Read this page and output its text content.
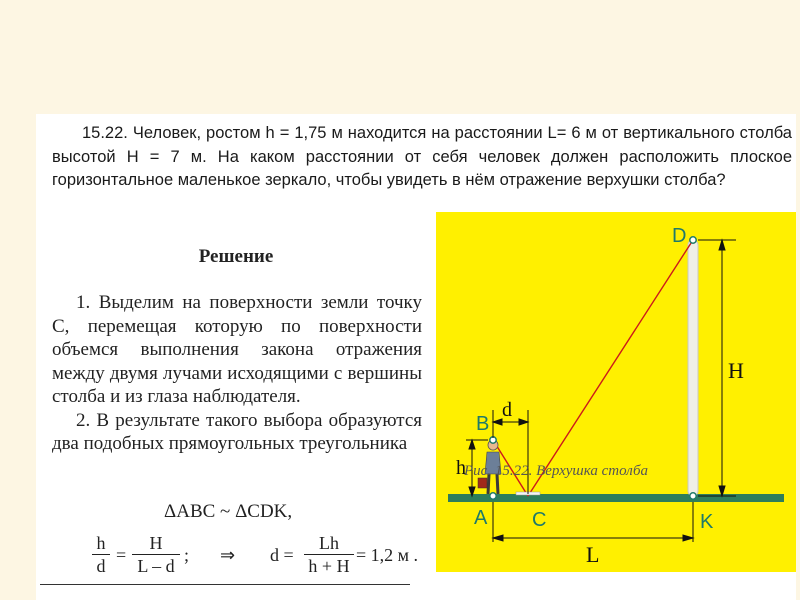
15.22. Человек, ростом h = 1,75 м находится на расстоянии L= 6 м от вертикального столба высотой H = 7 м. На каком расстоянии от себя человек должен расположить плоское горизонтальное маленькое зеркало, чтобы увидеть в нём отражение верхушки столба?
Решение

1. Выделим на поверхности земли точку С, перемещая которую по поверхности объемся выполнения закона отражения между двумя лучами исходящими с вершины столба и из глаза наблюдателя.

2. В результате такого выбора образуются два подобных прямоугольных треугольника

ΔABC ~ ΔCDK,
$\frac{h}{d} = \frac{H}{L - d}$ ; ⇒ $d = \frac{Lh}{h + H} = 1,2$ м .
B
A C
D
K
d
h
H
L
Рис. 15.22. Верхушка столба
